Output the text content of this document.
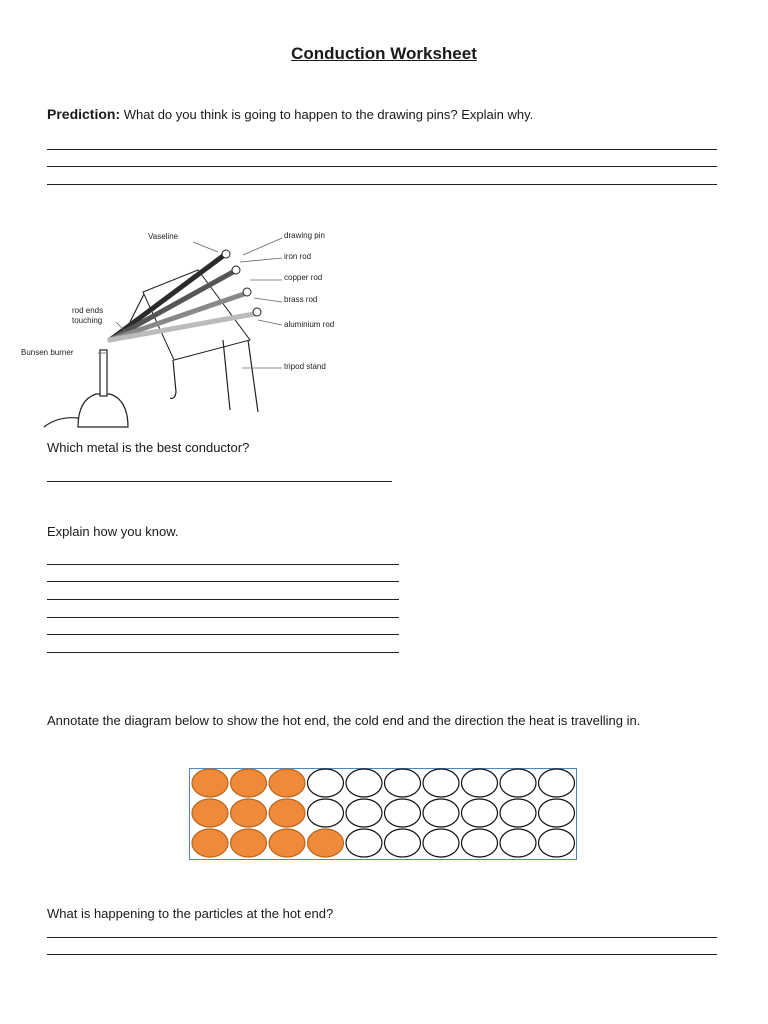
Conduction Worksheet
Prediction: What do you think is going to happen to the drawing pins? Explain why.
Vaseline	drawing pin
iron rod
copper rod
brass rod
rod ends
touching	aluminium rod
Bunsen burner
tripod stand
Which metal is the best conductor?
Explain how you know.
Annotate the diagram below to show the hot end, the cold end and the direction the heat is travelling in.
What is happening to the particles at the hot end?
